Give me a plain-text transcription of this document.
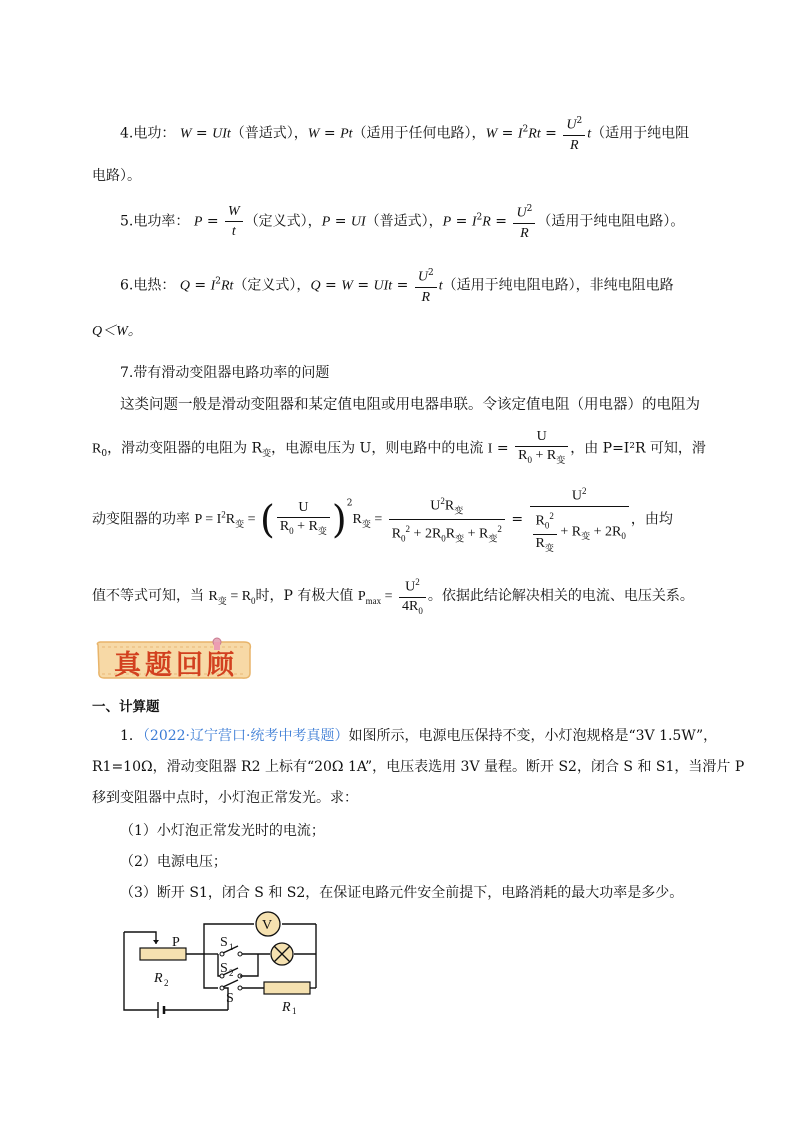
4.电功： W = UIt（普适式），W = Pt（适用于任何电路），$W = I^2Rt = \frac{U^2}{R} t$（适用于纯电阻
电路）。
5.电功率： $P = \frac{W}{t}$ （定义式），P = UI（普适式），$P = I^2R = \frac{U^2}{R}$ （适用于纯电阻电路）。
6.电热： $Q = I^2Rt$（定义式），Q = W = UIt = $\frac{U^2}{R} t$（适用于纯电阻电路），非纯电阻电路
Q＜W。
7.带有滑动变阻器电路功率的问题
这类问题一般是滑动变阻器和某定值电阻或用电器串联。令该定值电阻（用电器）的电阻为
$R_0$，滑动变阻器的电阻为 $R_变$，电源电压为 U，则电路中的电流 $I = \frac{U}{R_0 + R_变}$ ，由 P=I²R 可知，滑
动变阻器的功率 $P = I^2R_变$ = ( $\frac{U}{R_0 + R_变} )^2R_变 = \frac{U^2R_变}{R_0^2 + 2R_0R_变 + R_变^2} = \frac{U^2}{\frac{R_0^2}{R_变} + R_变 + 2R_0}$ ，由均
值不等式可知，当 $R_变 = R_0$时，P 有极大值 $P_{max} = \frac{U^2}{4R_0}$ 。依据此结论解决相关的电流、电压关系。
真题回顾
一、计算题
1．（2022·辽宁营口·统考中考真题）如图所示，电源电压保持不变，小灯泡规格是“3V 1.5W”，
R1=10Ω，滑动变阻器 R2 上标有“20Ω 1A”，电压表选用 3V 量程。断开 S2，闭合 S 和 S1，当滑片 P
移到变阻器中点时，小灯泡正常发光。求：
（1）小灯泡正常发光时的电流；
（2）电源电压；
（3）断开 S1，闭合 S 和 S2，在保证电路元件安全前提下，电路消耗的最大功率是多少。
V
P
R 2
S 1
S 2
S
R 1
